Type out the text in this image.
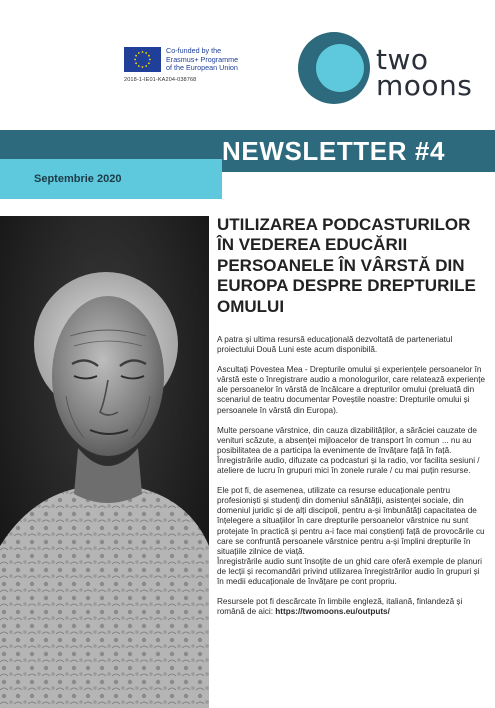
Co-funded by the
Erasmus+ Programme
of the European Union
2018-1-IE01-KA204-038768
two
moons
NEWSLETTER #4
Septembrie 2020
UTILIZAREA PODCASTURILOR
ÎN VEDEREA EDUCĂRII
PERSOANELE ÎN VÂRSTĂ DIN
EUROPA DESPRE DREPTURILE
OMULUI

A patra și ultima resursă educațională dezvoltată de parteneriatul proiectului Două Luni este acum disponibilă.

Ascultați Povestea Mea - Drepturile omului și experiențele persoanelor în vârstă este o înregistrare audio a monologurilor, care relatează experiențe ale persoanelor în vârstă de încălcare a drepturilor omului (preluată din scenariul de teatru documentar Poveștile noastre: Drepturile omului și persoanele în vârstă din Europa).

Multe persoane vârstnice, din cauza dizabilităților, a sărăciei cauzate de venituri scăzute, a absenței mijloacelor de transport în comun ... nu au posibilitatea de a participa la evenimente de învățare față în față. Înregistrările audio, difuzate ca podcasturi și la radio, vor facilita sesiuni / ateliere de lucru în grupuri mici în zonele rurale / cu mai puțin resurse.

Ele pot fi, de asemenea, utilizate ca resurse educaționale pentru profesioniști și studenți din domeniul sănătății, asistenței sociale, din domeniul juridic și de alți discipoli, pentru a-și îmbunătăți capacitatea de înțelegere a situațiilor în care drepturile persoanelor vârstnice nu sunt protejate în practică și pentru a-i face mai conștienți față de provocările cu care se confruntă persoanele vârstnice pentru a-și împlini drepturile în situațiile zilnice de viață.

Înregistrările audio sunt însoțite de un ghid care oferă exemple de planuri de lecții și recomandări privind utilizarea înregistrărilor audio în grupuri și în medii educaționale de învățare pe cont propriu.

Resursele pot fi descărcate în limbile engleză, italiană, finlandeză și română de aici: https://twomoons.eu/outputs/
